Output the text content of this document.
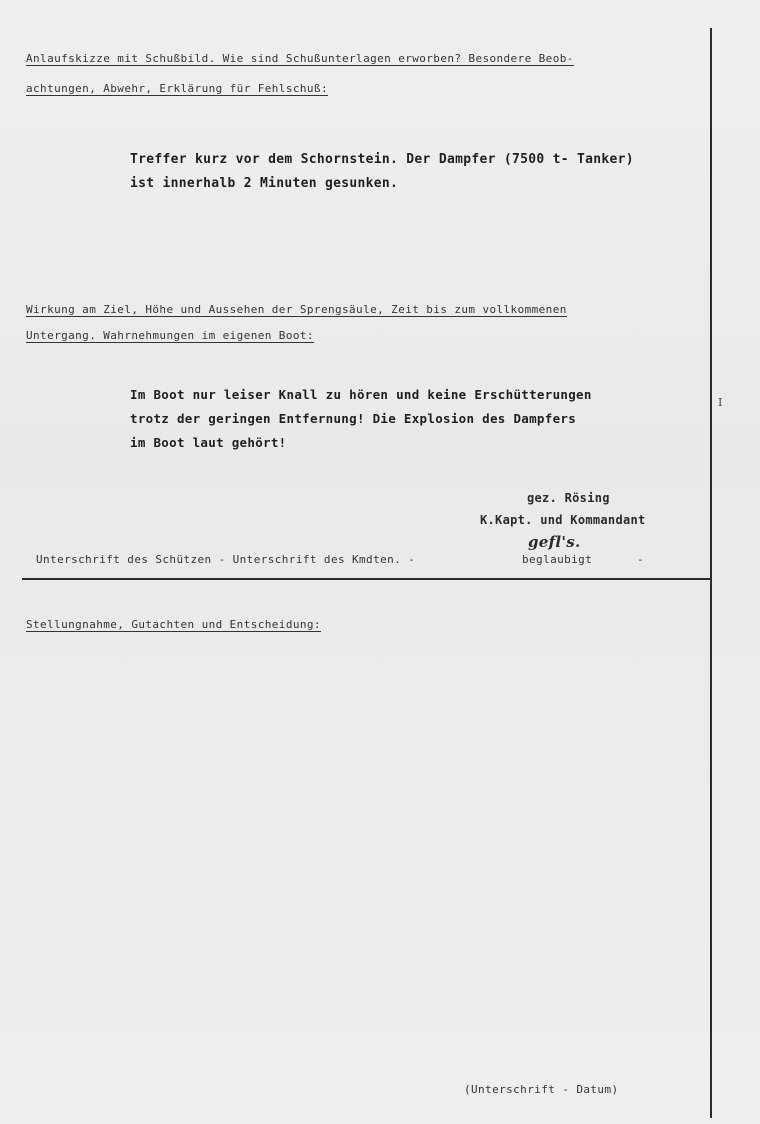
Anlaufskizze mit Schußbild. Wie sind Schußunterlagen erworben? Besondere Beob-
achtungen, Abwehr, Erklärung für Fehlschuß:
Treffer kurz vor dem Schornstein. Der Dampfer (7500 t- Tanker)
ist innerhalb 2 Minuten gesunken.
Wirkung am Ziel, Höhe und Aussehen der Sprengsäule, Zeit bis zum vollkommenen
Untergang. Wahrnehmungen im eigenen Boot:
Im Boot nur leiser Knall zu hören und keine Erschütterungen
trotz der geringen Entfernung! Die Explosion des Dampfers
im Boot laut gehört!
gez. Rösing
K.Kapt. und Kommandant
gefl's.
Unterschrift des Schützen - Unterschrift des Kmdten. -	beglaubigt	-
Stellungnahme, Gutachten und Entscheidung:
(Unterschrift - Datum)
I
